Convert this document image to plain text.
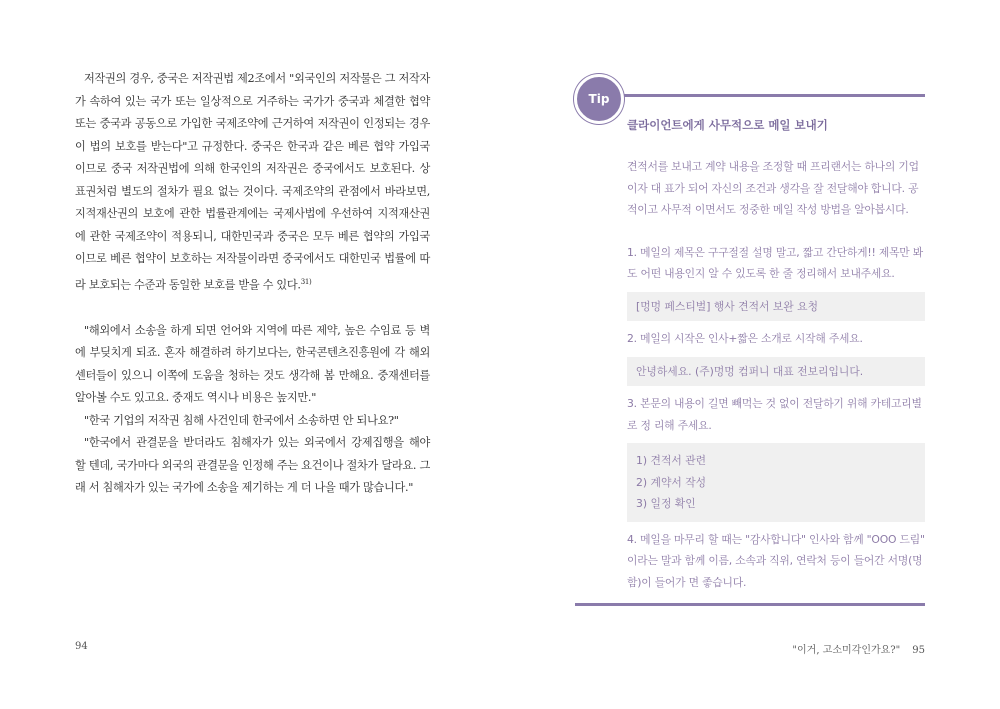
저작권의 경우, 중국은 저작권법 제2조에서 "외국인의 저작물은 그 저작자 가 속하여 있는 국가 또는 일상적으로 거주하는 국가가 중국과 체결한 협약 또는 중국과 공동으로 가입한 국제조약에 근거하여 저작권이 인정되는 경우 이 법의 보호를 받는다"고 규정한다. 중국은 한국과 같은 베른 협약 가입국 이므로 중국 저작권법에 의해 한국인의 저작권은 중국에서도 보호된다. 상 표권처럼 별도의 절차가 필요 없는 것이다. 국제조약의 관점에서 바라보면, 지적재산권의 보호에 관한 법률관계에는 국제사법에 우선하여 지적재산권 에 관한 국제조약이 적용되니, 대한민국과 중국은 모두 베른 협약의 가입국 이므로 베른 협약이 보호하는 저작물이라면 중국에서도 대한민국 법률에 따라 보호되는 수준과 동일한 보호를 받을 수 있다.$^{31)}$

"해외에서 소송을 하게 되면 언어와 지역에 따른 제약, 높은 수임료 등 벽 에 부딪치게 되죠. 혼자 해결하려 하기보다는, 한국콘텐츠진흥원에 각 해외 센터들이 있으니 이쪽에 도움을 청하는 것도 생각해 봄 만해요. 중재센터를 알아볼 수도 있고요. 중재도 역시나 비용은 높지만."

"한국 기업의 저작권 침해 사건인데 한국에서 소송하면 안 되나요?"

"한국에서 관결문을 받더라도 침해자가 있는 외국에서 강제집행을 해야 할 텐데, 국가마다 외국의 관결문을 인정해 주는 요건이나 절차가 달라요. 그래 서 침해자가 있는 국가에 소송을 제기하는 게 더 나을 때가 많습니다."

94
Tip
클라이언트에게 사무적으로 메일 보내기

견적서를 보내고 계약 내용을 조정할 때 프리랜서는 하나의 기업이자 대 표가 되어 자신의 조건과 생각을 잘 전달해야 합니다. 공적이고 사무적 이면서도 정중한 메일 작성 방법을 알아봅시다.

1. 메일의 제목은 구구절절 설명 말고, 짧고 간단하게!! 제목만 봐도 어떤 내용인지 알 수 있도록 한 줄 정리해서 보내주세요.

[멍멍 페스티벌] 행사 견적서 보완 요청

2. 메일의 시작은 인사+짧은 소개로 시작해 주세요.

안녕하세요. (주)멍멍 컴퍼니 대표 전보리입니다.

3. 본문의 내용이 길면 빼먹는 것 없이 전달하기 위해 카테고리별로 정 리해 주세요.

1) 견적서 관련
2) 계약서 작성
3) 일정 확인

4. 메일을 마무리 할 때는 "감사합니다" 인사와 함께 "OOO 드림" 이라는 말과 함께 이름, 소속과 직위, 연락처 등이 들어간 서명(명함)이 들어가 면 좋습니다.

"이거, 고소미각인가요?" 95
